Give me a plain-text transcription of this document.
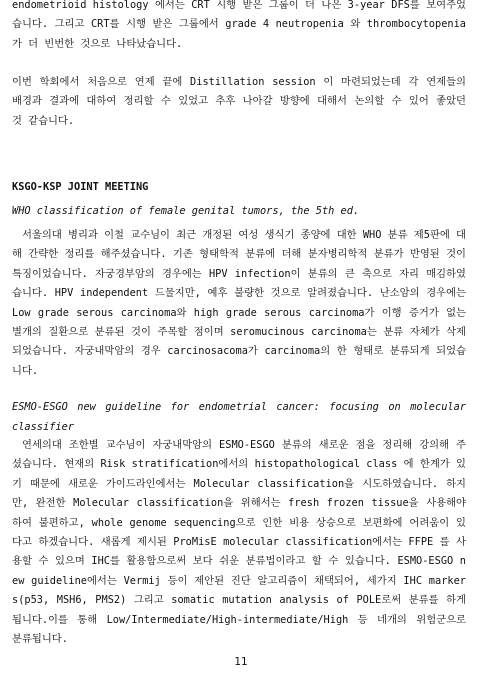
endometrioid histology 에서는 CRT 시행 받은 그룹이 더 나은 3-year DFS를 보여주었습니다. 그리고 CRT를 시행 받은 그룹에서 grade 4 neutropenia 와 thrombocytopenia 가 더 빈번한 것으로 나타났습니다.

이번 학회에서 처음으로 연제 끝에 Distillation session 이 마련되었는데 각 연제들의 배경과 결과에 대하여 정리할 수 있었고 추후 나아갈 방향에 대해서 논의할 수 있어 좋았던 것 같습니다.

KSGO-KSP JOINT MEETING
WHO classification of female genital tumors, the 5th ed.

서울의대 병리과 이철 교수님이 최근 개정된 여성 생식기 종양에 대한 WHO 분류 제5판에 대해 간략한 정리를 해주셨습니다. 기존 형태학적 분류에 더해 분자병리학적 분류가 반영된 것이 특징이었습니다. 자궁경부암의 경우에는 HPV infection이 분류의 큰 축으로 자리 매김하였습니다. HPV independent 드물지만, 예후 불량한 것으로 알려졌습니다. 난소암의 경우에는 Low grade serous carcinoma와 high grade serous carcinoma가 이행 증거가 없는 별개의 질환으로 분류된 것이 주목할 점이며 seromucinous carcinoma는 분류 자체가 삭제 되었습니다. 자궁내막암의 경우 carcinosacoma가 carcinoma의 한 형태로 분류되게 되었습니다.

ESMO-ESGO new guideline for endometrial cancer: focusing on molecular classifier

연세의대 조한별 교수님이 자궁내막암의 ESMO-ESGO 분류의 새로운 점을 정리해 강의해 주셨습니다. 현재의 Risk stratification에서의 histopathological class 에 한계가 있기 때문에 새로운 가이드라인에서는 Molecular classification을 시도하였습니다. 하지만, 완전한 Molecular classification을 위해서는 fresh frozen tissue을 사용해야 하여 불편하고, whole genome sequencing으로 인한 비용 상승으로 보편화에 어려움이 있다고 하겠습니다. 새롭게 제시된 ProMisE molecular classification에서는 FFPE 를 사용할 수 있으며 IHC를 활용함으로써 보다 쉬운 분류법이라고 할 수 있습니다. ESMO-ESGO new guideline에서는 Vermij 등이 제안된 진단 알고리즘이 채택되어, 세가지 IHC markers(p53, MSH6, PMS2) 그리고 somatic mutation analysis of POLE로써 분류를 하게 됩니다.이를 통해 Low/Intermediate/High-intermediate/High 등 네개의 위험군으로 분류됩니다.

11
